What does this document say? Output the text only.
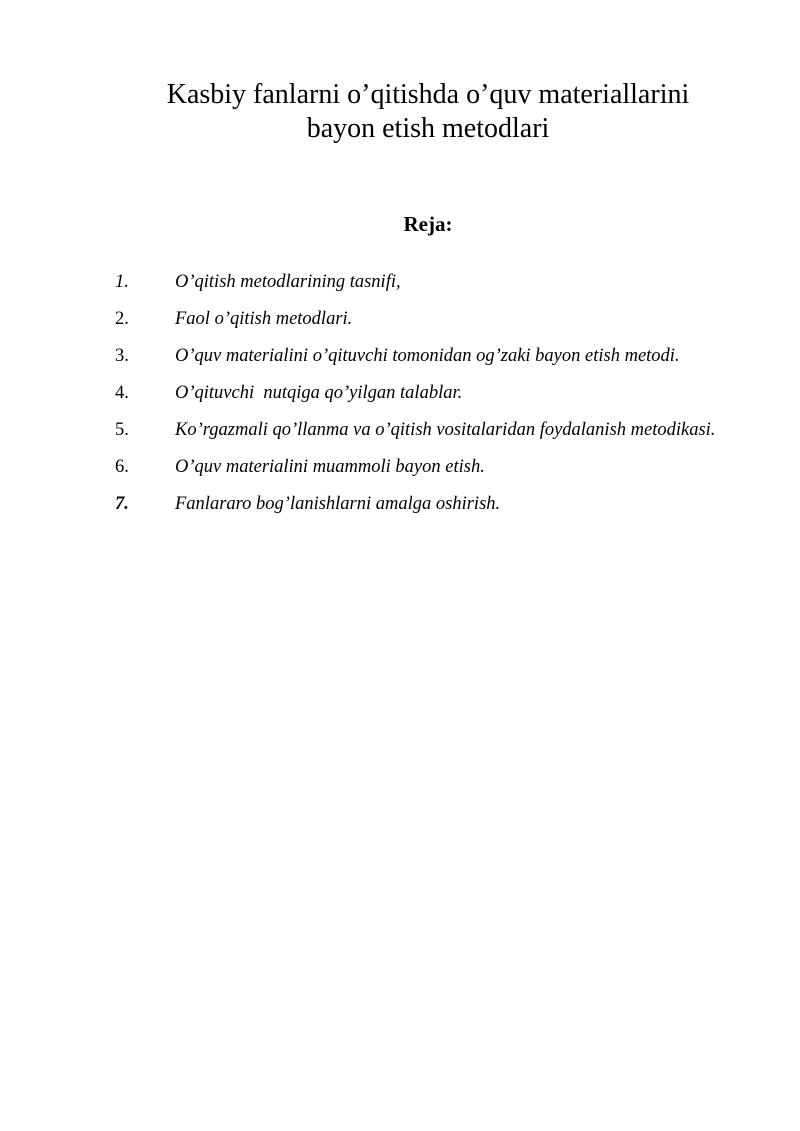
Kasbiy fanlarni o’qitishda o’quv materiallarini
bayon etish metodlari
Reja:
1.	O’qitish metodlarining tasnifi,
2.	Faol o’qitish metodlari.
3. O’quv materialini o’qituvchi tomonidan og’zaki bayon etish metodi.
4.	O’qituvchi  nutqiga qo’yilgan talablar.
5. Ko’rgazmali qo’llanma va o’qitish vositalaridan foydalanish metodikasi.
6.	O’quv materialini muammoli bayon etish.
7.	Fanlararo bog’lanishlarni amalga oshirish.
